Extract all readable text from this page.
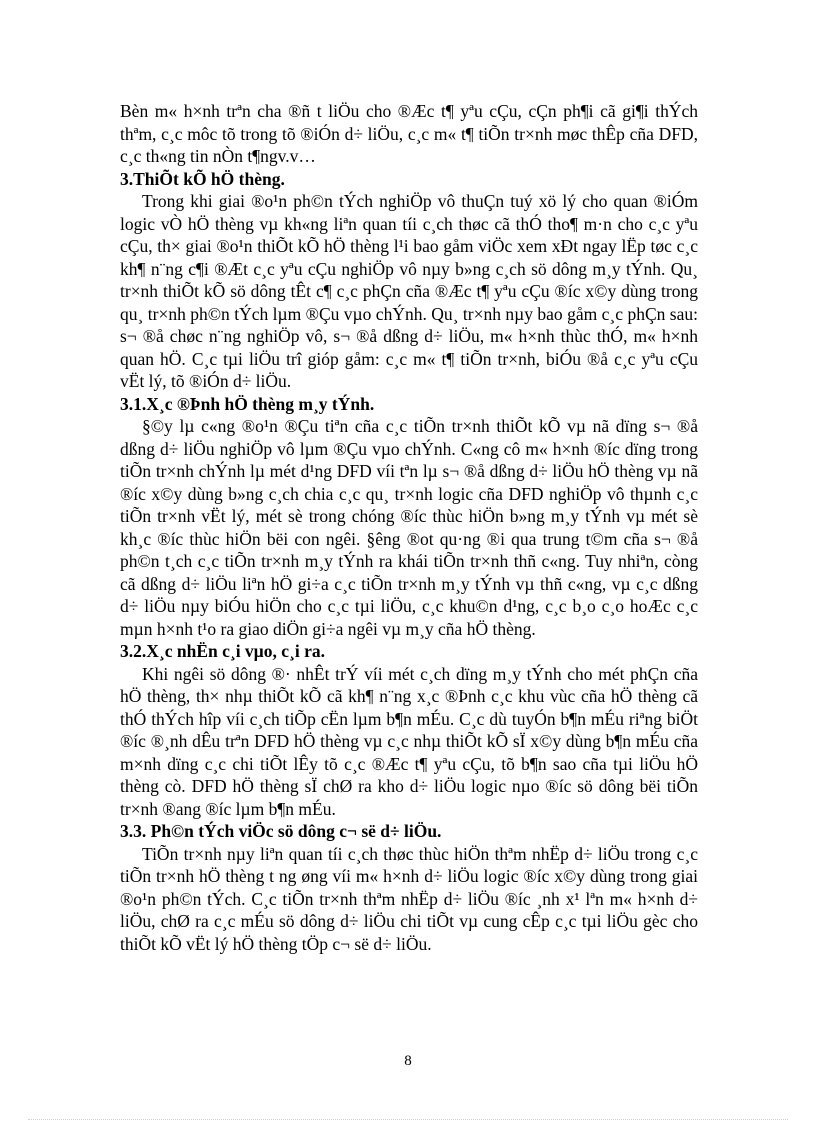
Bèn m« h×nh trªn cha ®ñ t liÖu cho ®Æc t¶ yªu cÇu, cÇn ph¶i cã gi¶i thÝch thªm, c¸c môc tõ trong tõ ®iÓn d÷ liÖu, c¸c m« t¶ tiÕn tr×nh møc thÊp cña DFD, c¸c th«ng tin nÒn t¶ngv.v…

3.ThiÕt kÕ hÖ thèng.

Trong khi giai ®o¹n ph©n tÝch nghiÖp vô thuÇn tuý xö lý cho quan ®iÓm logic vÒ hÖ thèng vµ kh«ng liªn quan tíi c¸ch thøc cã thÓ tho¶ m·n cho c¸c yªu cÇu, th× giai ®o¹n thiÕt kÕ hÖ thèng l¹i bao gåm viÖc xem xÐt ngay lËp tøc c¸c kh¶ n¨ng c¶i ®Æt c¸c yªu cÇu nghiÖp vô nµy b»ng c¸ch sö dông m¸y tÝnh. Qu¸ tr×nh thiÕt kÕ sö dông tÊt c¶ c¸c phÇn cña ®Æc t¶ yªu cÇu ®íc x©y dùng trong qu¸ tr×nh ph©n tÝch lµm ®Çu vµo chÝnh. Qu¸ tr×nh nµy bao gåm c¸c phÇn sau: s¬ ®å chøc n¨ng nghiÖp vô, s¬ ®å dßng d÷ liÖu, m« h×nh thùc thÓ, m« h×nh quan hÖ. C¸c tµi liÖu trî gióp gåm: c¸c m« t¶ tiÕn tr×nh, biÓu ®å c¸c yªu cÇu vËt lý, tõ ®iÓn d÷ liÖu.

3.1.X¸c ®Þnh hÖ thèng m¸y tÝnh.

§©y lµ c«ng ®o¹n ®Çu tiªn cña c¸c tiÕn tr×nh thiÕt kÕ vµ nã dïng s¬ ®å dßng d÷ liÖu nghiÖp vô lµm ®Çu vµo chÝnh. C«ng cô m« h×nh ®íc dïng trong tiÕn tr×nh chÝnh lµ mét d¹ng DFD víi tªn lµ s¬ ®å dßng d÷ liÖu hÖ thèng vµ nã ®íc x©y dùng b»ng c¸ch chia c¸c qu¸ tr×nh logic cña DFD nghiÖp vô thµnh c¸c tiÕn tr×nh vËt lý, mét sè trong chóng ®íc thùc hiÖn b»ng m¸y tÝnh vµ mét sè kh¸c ®íc thùc hiÖn bëi con ngêi. §êng ®ot qu·ng ®i qua trung t©m cña s¬ ®å ph©n t¸ch c¸c tiÕn tr×nh m¸y tÝnh ra khái tiÕn tr×nh thñ c«ng. Tuy nhiªn, còng cã dßng d÷ liÖu liªn hÖ gi÷a c¸c tiÕn tr×nh m¸y tÝnh vµ thñ c«ng, vµ c¸c dßng d÷ liÖu nµy biÓu hiÖn cho c¸c tµi liÖu, c¸c khu©n d¹ng, c¸c b¸o c¸o hoÆc c¸c mµn h×nh t¹o ra giao diÖn gi÷a ngêi vµ m¸y cña hÖ thèng.

3.2.X¸c nhËn c¸i vµo, c¸i ra.

Khi ngêi sö dông ®· nhÊt trÝ víi mét c¸ch dïng m¸y tÝnh cho mét phÇn cña hÖ thèng, th× nhµ thiÕt kÕ cã kh¶ n¨ng x¸c ®Þnh c¸c khu vùc cña hÖ thèng cã thÓ thÝch hîp víi c¸ch tiÕp cËn lµm b¶n mÉu. C¸c dù tuyÓn b¶n mÉu riªng biÖt ®íc ®¸nh dÊu trªn DFD hÖ thèng vµ c¸c nhµ thiÕt kÕ sÏ x©y dùng b¶n mÉu cña m×nh dïng c¸c chi tiÕt lÊy tõ c¸c ®Æc t¶ yªu cÇu, tõ b¶n sao cña tµi liÖu hÖ thèng cò. DFD hÖ thèng sÏ chØ ra kho d÷ liÖu logic nµo ®íc sö dông bëi tiÕn tr×nh ®ang ®íc lµm b¶n mÉu.

3.3. Ph©n tÝch viÖc sö dông c¬ së d÷ liÖu.

TiÕn tr×nh nµy liªn quan tíi c¸ch thøc thùc hiÖn thªm nhËp d÷ liÖu trong c¸c tiÕn tr×nh hÖ thèng t ng øng víi m« h×nh d÷ liÖu logic ®íc x©y dùng trong giai ®o¹n ph©n tÝch. C¸c tiÕn tr×nh thªm nhËp d÷ liÖu ®íc ¸nh x¹ lªn m« h×nh d÷ liÖu, chØ ra c¸c mÉu sö dông d÷ liÖu chi tiÕt vµ cung cÊp c¸c tµi liÖu gèc cho thiÕt kÕ vËt lý hÖ thèng tÖp c¬ së d÷ liÖu.

8
